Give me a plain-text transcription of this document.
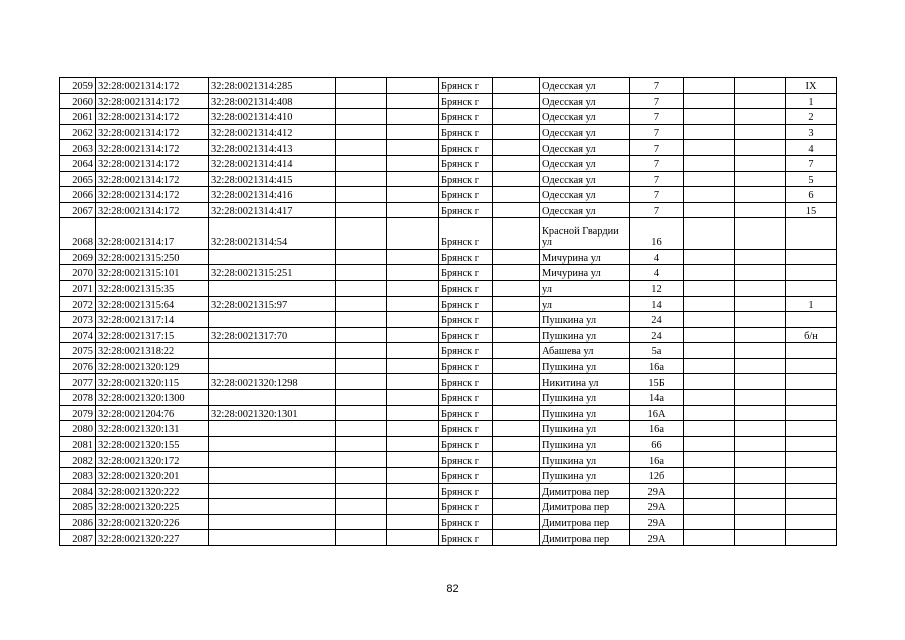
2059	32:28:0021314:172	32:28:0021314:285			Брянск г		Одесская ул	7			IX
2060	32:28:0021314:172	32:28:0021314:408			Брянск г		Одесская ул	7			1
2061	32:28:0021314:172	32:28:0021314:410			Брянск г		Одесская ул	7			2
2062	32:28:0021314:172	32:28:0021314:412			Брянск г		Одесская ул	7			3
2063	32:28:0021314:172	32:28:0021314:413			Брянск г		Одесская ул	7			4
2064	32:28:0021314:172	32:28:0021314:414			Брянск г		Одесская ул	7			7
2065	32:28:0021314:172	32:28:0021314:415			Брянск г		Одесская ул	7			5
2066	32:28:0021314:172	32:28:0021314:416			Брянск г		Одесская ул	7			6
2067	32:28:0021314:172	32:28:0021314:417			Брянск г		Одесская ул	7			15
2068	32:28:0021314:17	32:28:0021314:54			Брянск г		Красной Гвардии ул	16			
2069	32:28:0021315:250				Брянск г		Мичурина ул	4			
2070	32:28:0021315:101	32:28:0021315:251			Брянск г		Мичурина ул	4			
2071	32:28:0021315:35				Брянск г		ул	12			
2072	32:28:0021315:64	32:28:0021315:97			Брянск г		ул	14			1
2073	32:28:0021317:14				Брянск г		Пушкина ул	24			
2074	32:28:0021317:15	32:28:0021317:70			Брянск г		Пушкина ул	24			б/н
2075	32:28:0021318:22				Брянск г		Абашева ул	5а			
2076	32:28:0021320:129				Брянск г		Пушкина ул	16а			
2077	32:28:0021320:115	32:28:0021320:1298			Брянск г		Никитина ул	15Б			
2078	32:28:0021320:1300				Брянск г		Пушкина ул	14а			
2079	32:28:0021204:76	32:28:0021320:1301			Брянск г		Пушкина ул	16А			
2080	32:28:0021320:131				Брянск г		Пушкина ул	16а			
2081	32:28:0021320:155				Брянск г		Пушкина ул	66			
2082	32:28:0021320:172				Брянск г		Пушкина ул	16а			
2083	32:28:0021320:201				Брянск г		Пушкина ул	12б			
2084	32:28:0021320:222				Брянск г		Димитрова пер	29А			
2085	32:28:0021320:225				Брянск г		Димитрова пер	29А			
2086	32:28:0021320:226				Брянск г		Димитрова пер	29А			
2087	32:28:0021320:227				Брянск г		Димитрова пер	29А			
82
